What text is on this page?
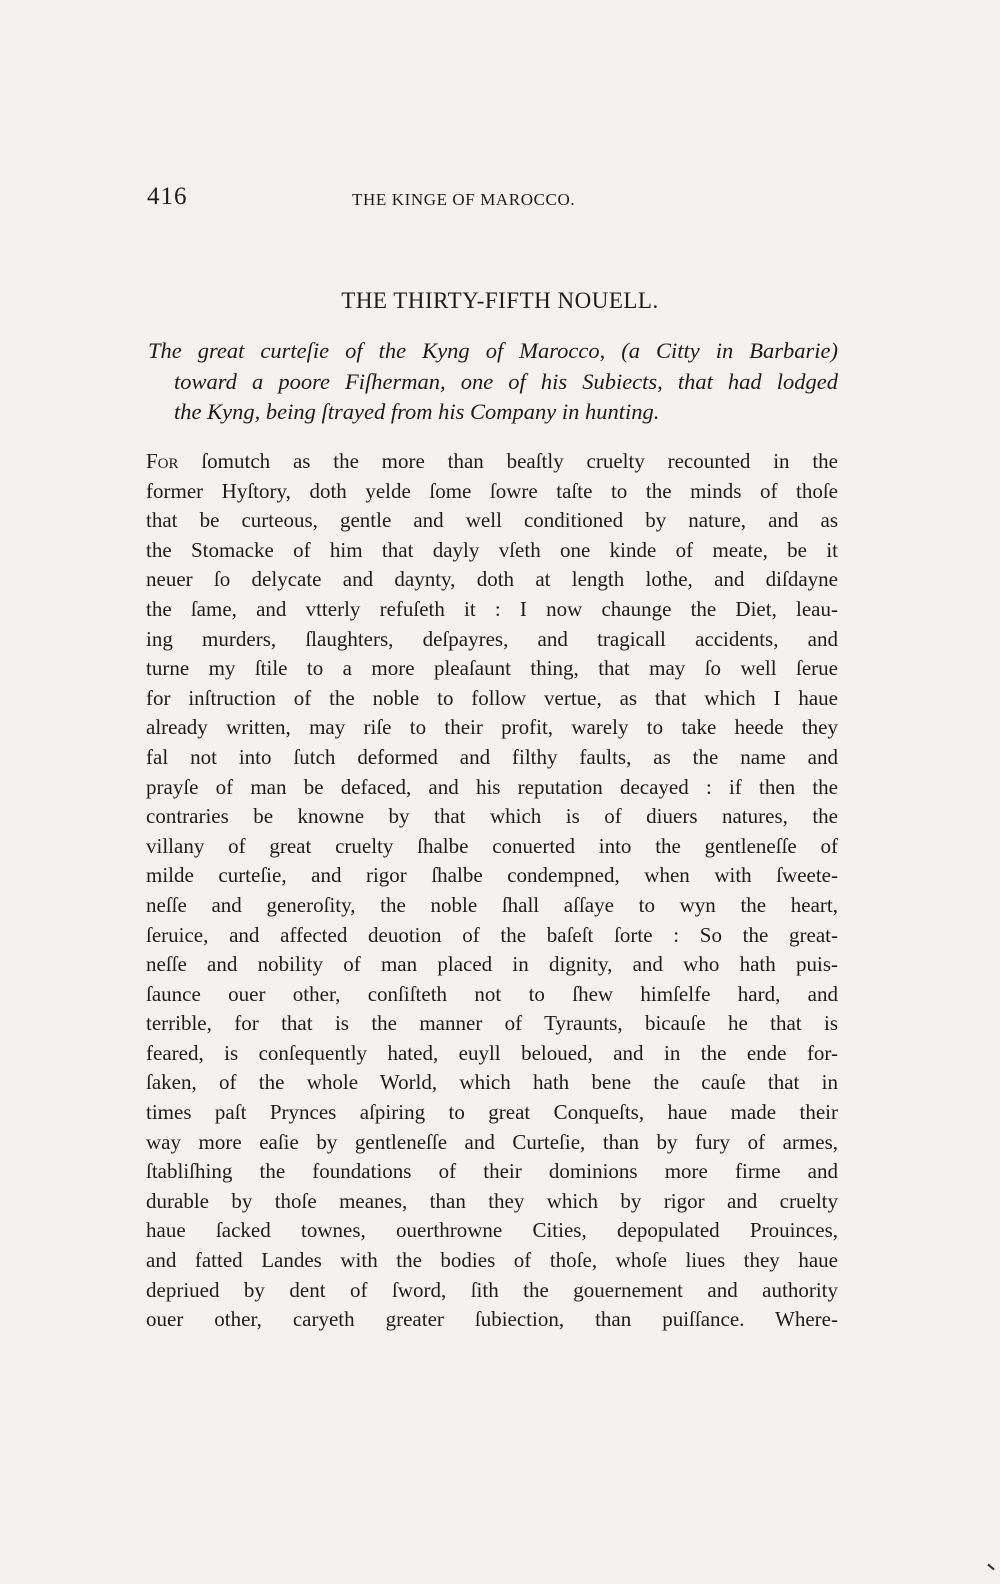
416	THE KINGE OF MAROCCO.
THE THIRTY-FIFTH NOUELL.
The great curteſie of the Kyng of Marocco, (a Citty in Barbarie)
toward a poore Fiſherman, one of his Subiects, that had lodged
the Kyng, being ſtrayed from his Company in hunting.
For ſomutch as the more than beaſtly cruelty recounted in the
former Hyſtory, doth yelde ſome ſowre taſte to the minds of thoſe
that be curteous, gentle and well conditioned by nature, and as
the Stomacke of him that dayly vſeth one kinde of meate, be it
neuer ſo delycate and daynty, doth at length lothe, and diſdayne
the ſame, and vtterly refuſeth it : I now chaunge the Diet, leau-
ing murders, ſlaughters, deſpayres, and tragicall accidents, and
turne my ſtile to a more pleaſaunt thing, that may ſo well ſerue
for inſtruction of the noble to follow vertue, as that which I haue
already written, may riſe to their profit, warely to take heede they
fal not into ſutch deformed and filthy faults, as the name and
prayſe of man be defaced, and his reputation decayed : if then the
contraries be knowne by that which is of diuers natures, the
villany of great cruelty ſhalbe conuerted into the gentleneſſe of
milde curteſie, and rigor ſhalbe condempned, when with ſweete-
neſſe and generoſity, the noble ſhall aſſaye to wyn the heart,
ſeruice, and affected deuotion of the baſeſt ſorte : So the great-
neſſe and nobility of man placed in dignity, and who hath puis-
ſaunce ouer other, conſiſteth not to ſhew himſelfe hard, and
terrible, for that is the manner of Tyraunts, bicauſe he that is
feared, is conſequently hated, euyll beloued, and in the ende for-
ſaken, of the whole World, which hath bene the cauſe that in
times paſt Prynces aſpiring to great Conqueſts, haue made their
way more eaſie by gentleneſſe and Curteſie, than by fury of armes,
ſtabliſhing the foundations of their dominions more firme and
durable by thoſe meanes, than they which by rigor and cruelty
haue ſacked townes, ouerthrowne Cities, depopulated Prouinces,
and fatted Landes with the bodies of thoſe, whoſe liues they haue
depriued by dent of ſword, ſith the gouernement and authority
ouer other, caryeth greater ſubiection, than puiſſance. Where-
